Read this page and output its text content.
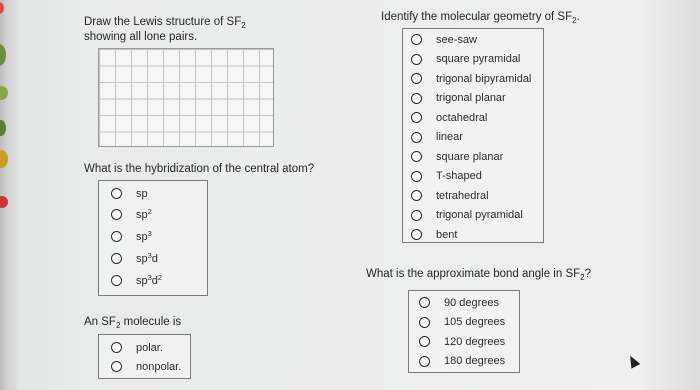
Draw the Lewis structure of $SF_2$
showing all lone pairs.
What is the hybridization of the central atom?
sp
$sp^2$
$sp^3$
$sp^3d$
$sp^3d^2$
An $SF_2$ molecule is
polar.
nonpolar.
Identify the molecular geometry of $SF_2$.
see-saw
square pyramidal
trigonal bipyramidal
trigonal planar
octahedral
linear
square planar
T-shaped
tetrahedral
trigonal pyramidal
bent
What is the approximate bond angle in $SF_2$?
90 degrees
105 degrees
120 degrees
180 degrees
